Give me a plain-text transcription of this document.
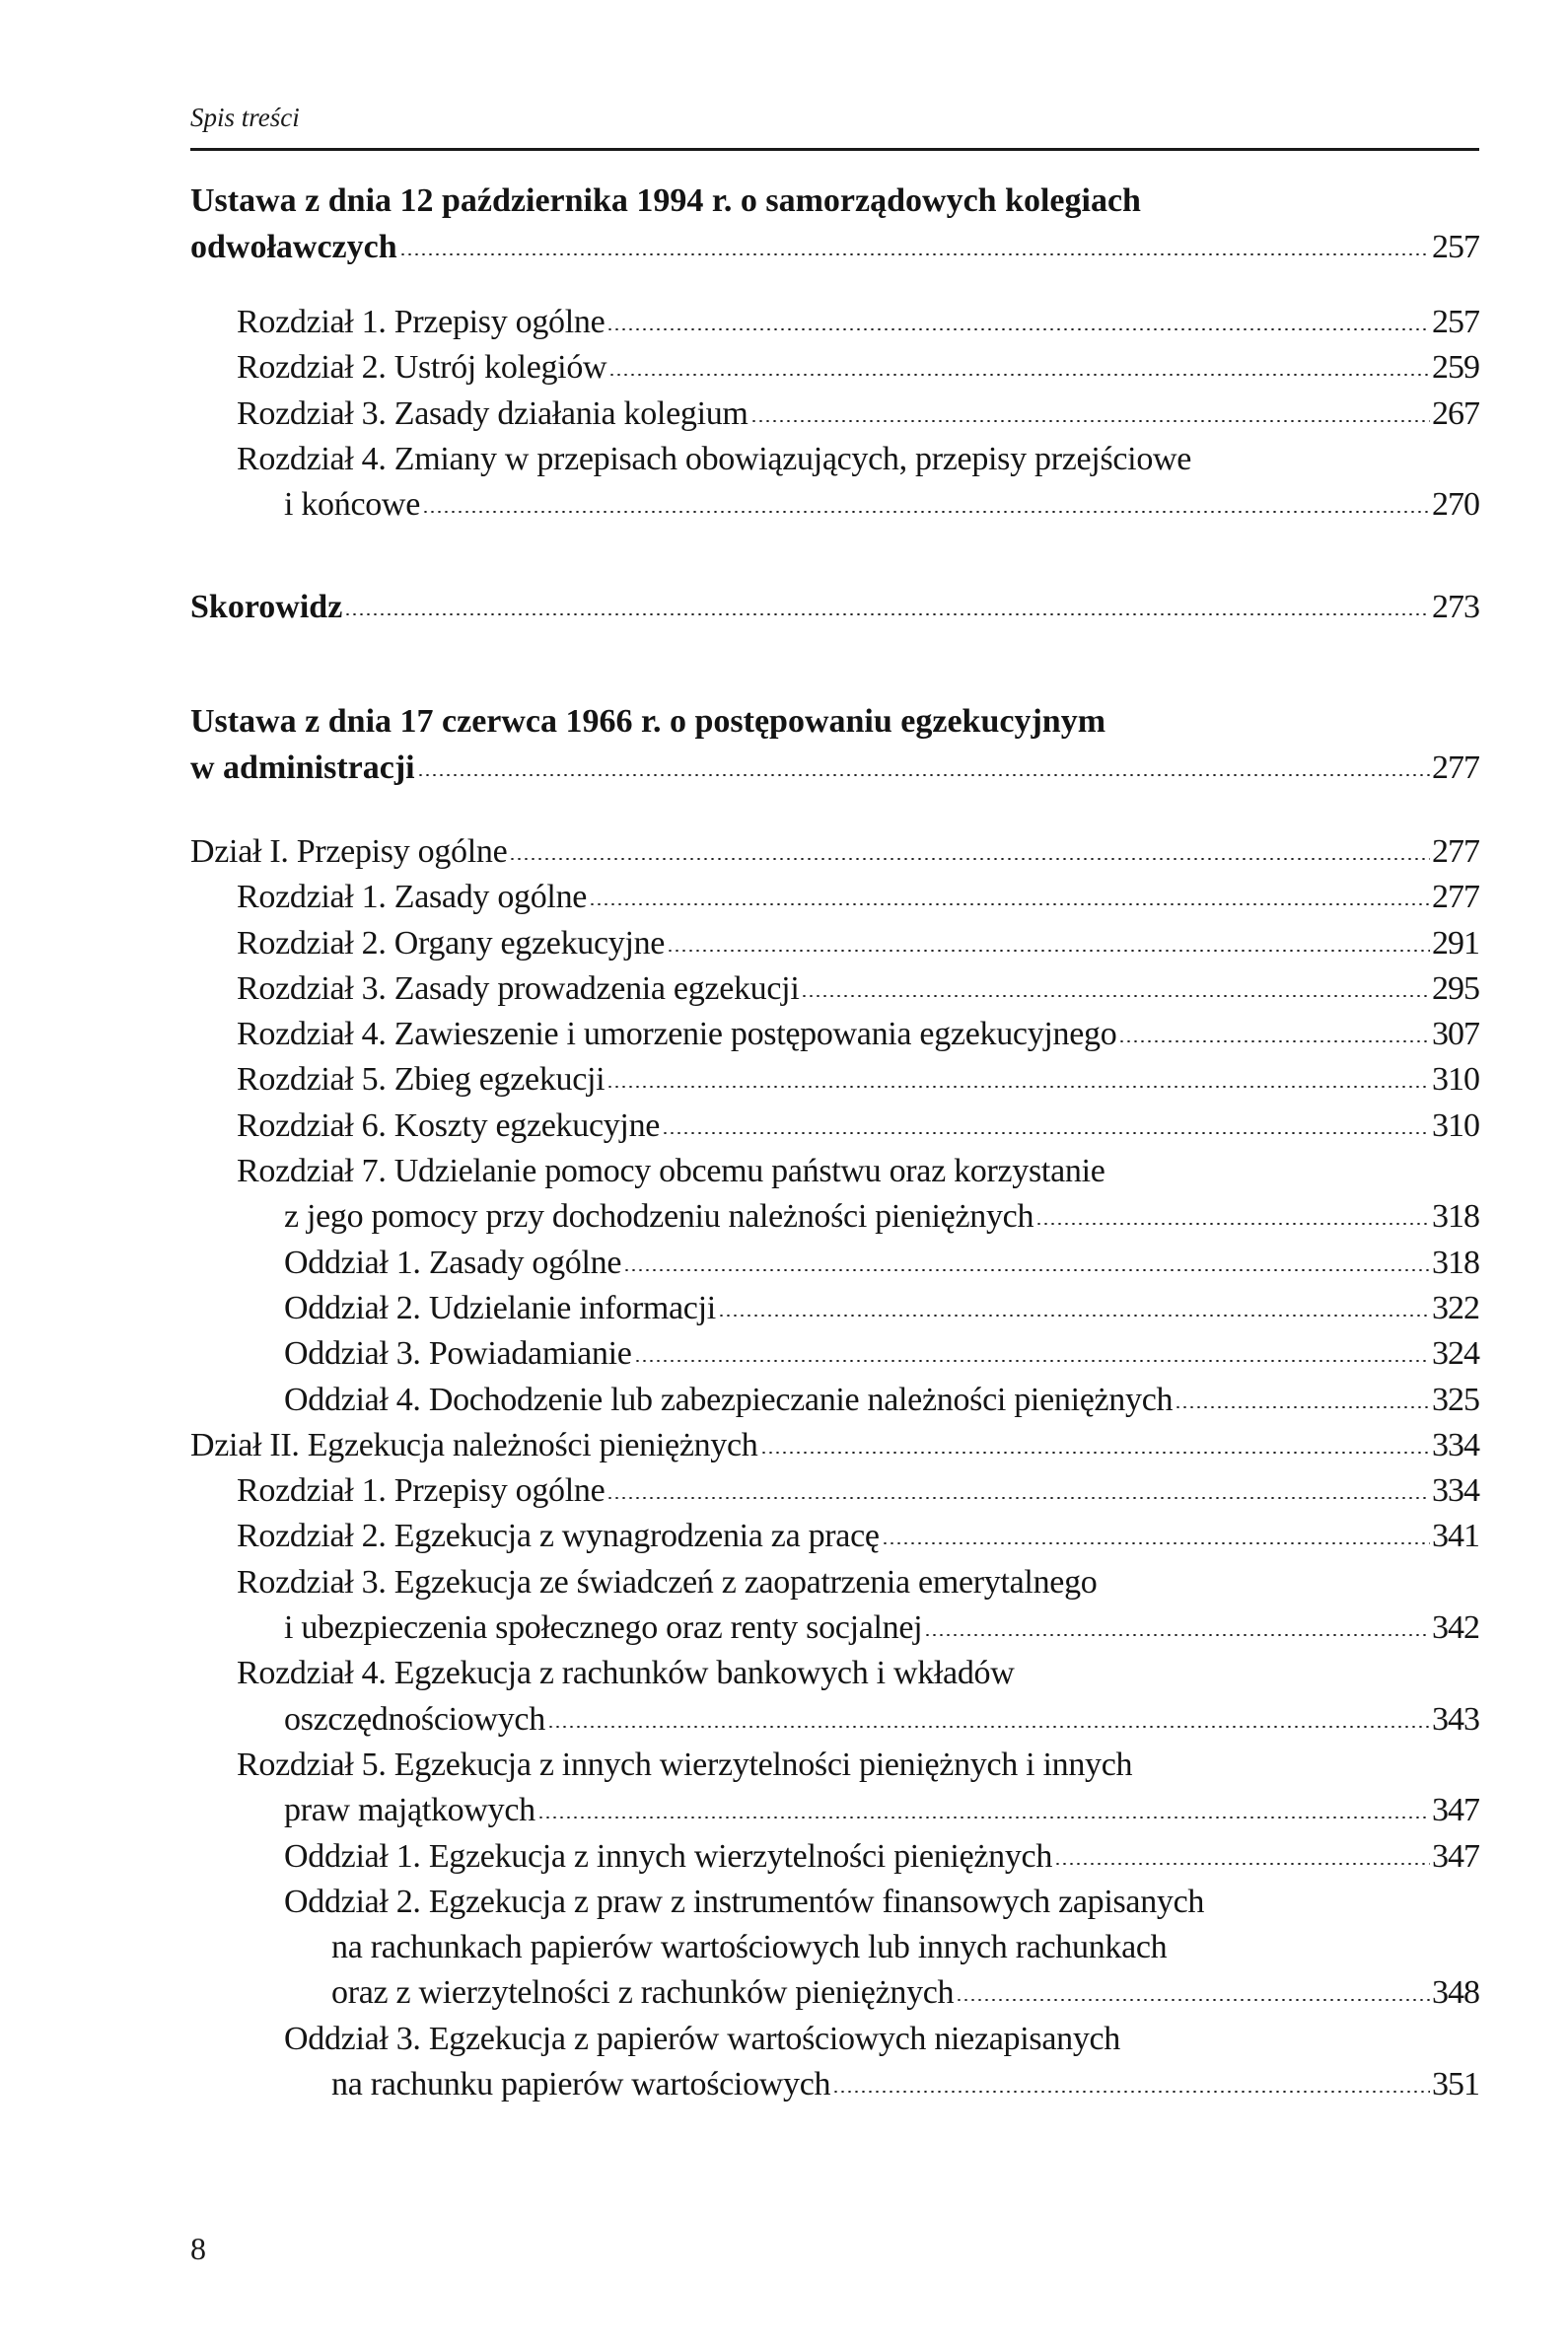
Spis treści
Ustawa z dnia 12 października 1994 r. o samorządowych kolegiach
odwoławczych	257
Rozdział 1. Przepisy ogólne	257
Rozdział 2. Ustrój kolegiów	259
Rozdział 3. Zasady działania kolegium	267
Rozdział 4. Zmiany w przepisach obowiązujących, przepisy przejściowe
i końcowe	270
Skorowidz	273
Ustawa z dnia 17 czerwca 1966 r. o postępowaniu egzekucyjnym
w administracji	277
Dział I. Przepisy ogólne	277
Rozdział 1. Zasady ogólne	277
Rozdział 2. Organy egzekucyjne	291
Rozdział 3. Zasady prowadzenia egzekucji	295
Rozdział 4. Zawieszenie i umorzenie postępowania egzekucyjnego	307
Rozdział 5. Zbieg egzekucji	310
Rozdział 6. Koszty egzekucyjne	310
Rozdział 7. Udzielanie pomocy obcemu państwu oraz korzystanie
z jego pomocy przy dochodzeniu należności pieniężnych	318
Oddział 1. Zasady ogólne	318
Oddział 2. Udzielanie informacji	322
Oddział 3. Powiadamianie	324
Oddział 4. Dochodzenie lub zabezpieczanie należności pieniężnych	325
Dział II. Egzekucja należności pieniężnych	334
Rozdział 1. Przepisy ogólne	334
Rozdział 2. Egzekucja z wynagrodzenia za pracę	341
Rozdział 3. Egzekucja ze świadczeń z zaopatrzenia emerytalnego
i ubezpieczenia społecznego oraz renty socjalnej	342
Rozdział 4. Egzekucja z rachunków bankowych i wkładów
oszczędnościowych	343
Rozdział 5. Egzekucja z innych wierzytelności pieniężnych i innych
praw majątkowych	347
Oddział 1. Egzekucja z innych wierzytelności pieniężnych	347
Oddział 2. Egzekucja z praw z instrumentów finansowych zapisanych
na rachunkach papierów wartościowych lub innych rachunkach
oraz z wierzytelności z rachunków pieniężnych	348
Oddział 3. Egzekucja z papierów wartościowych niezapisanych
na rachunku papierów wartościowych	351
8
